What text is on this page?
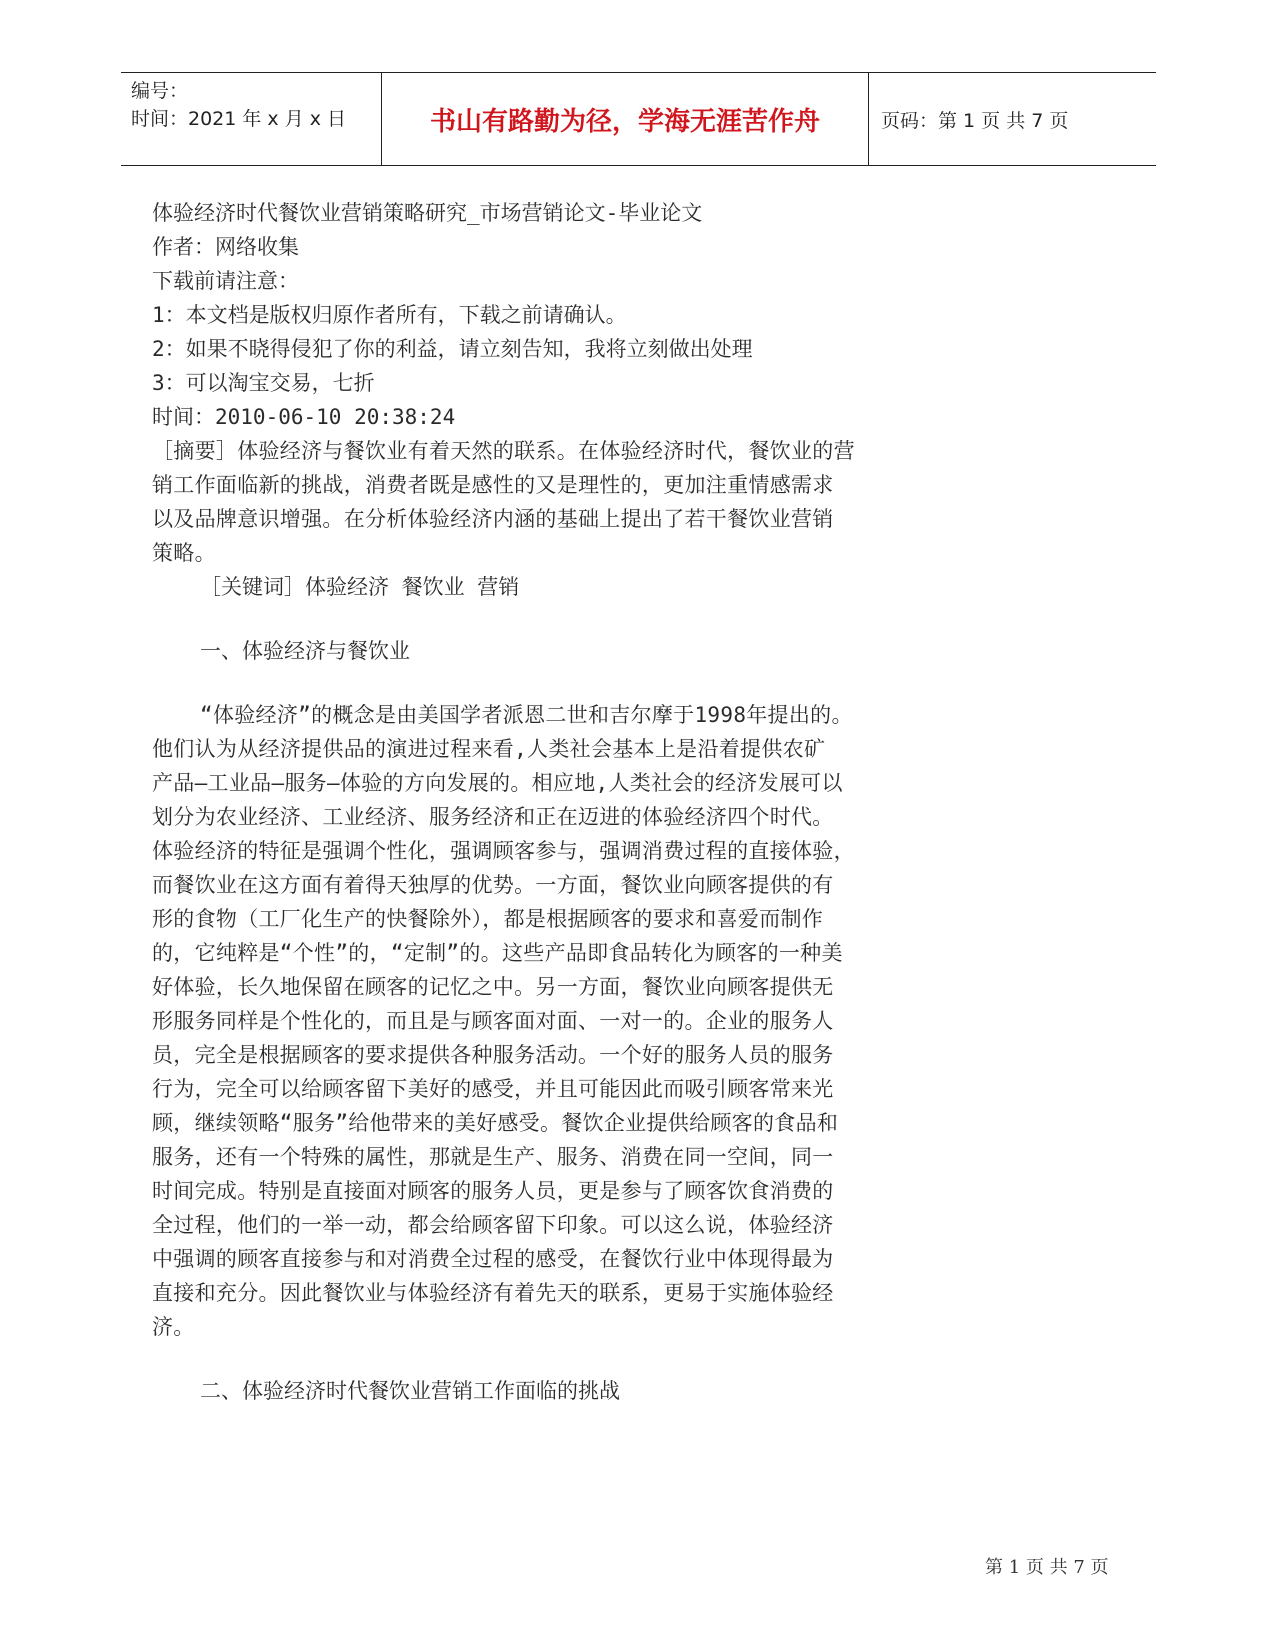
编号：
时间：2021 年 x 月 x 日	书山有路勤为径，学海无涯苦作舟	页码：第 1 页 共 7 页
体验经济时代餐饮业营销策略研究_市场营销论文-毕业论文
作者：网络收集
下载前请注意：
1：本文档是版权归原作者所有，下载之前请确认。
2：如果不晓得侵犯了你的利益，请立刻告知，我将立刻做出处理
3：可以淘宝交易，七折
时间：2010-06-10 20:38:24
［摘要］体验经济与餐饮业有着天然的联系。在体验经济时代，餐饮业的营
销工作面临新的挑战，消费者既是感性的又是理性的，更加注重情感需求
以及品牌意识增强。在分析体验经济内涵的基础上提出了若干餐饮业营销
策略。
［关键词］体验经济 餐饮业 营销
一、体验经济与餐饮业
“体验经济”的概念是由美国学者派恩二世和吉尔摩于1998年提出的。
他们认为从经济提供品的演进过程来看,人类社会基本上是沿着提供农矿
产品—工业品—服务—体验的方向发展的。相应地,人类社会的经济发展可以
划分为农业经济、工业经济、服务经济和正在迈进的体验经济四个时代。
体验经济的特征是强调个性化，强调顾客参与，强调消费过程的直接体验，
而餐饮业在这方面有着得天独厚的优势。一方面，餐饮业向顾客提供的有
形的食物（工厂化生产的快餐除外），都是根据顾客的要求和喜爱而制作
的，它纯粹是“个性”的，“定制”的。这些产品即食品转化为顾客的一种美
好体验，长久地保留在顾客的记忆之中。另一方面，餐饮业向顾客提供无
形服务同样是个性化的，而且是与顾客面对面、一对一的。企业的服务人
员，完全是根据顾客的要求提供各种服务活动。一个好的服务人员的服务
行为，完全可以给顾客留下美好的感受，并且可能因此而吸引顾客常来光
顾，继续领略“服务”给他带来的美好感受。餐饮企业提供给顾客的食品和
服务，还有一个特殊的属性，那就是生产、服务、消费在同一空间，同一
时间完成。特别是直接面对顾客的服务人员，更是参与了顾客饮食消费的
全过程，他们的一举一动，都会给顾客留下印象。可以这么说，体验经济
中强调的顾客直接参与和对消费全过程的感受，在餐饮行业中体现得最为
直接和充分。因此餐饮业与体验经济有着先天的联系，更易于实施体验经
济。
二、体验经济时代餐饮业营销工作面临的挑战
第 1 页 共 7 页
